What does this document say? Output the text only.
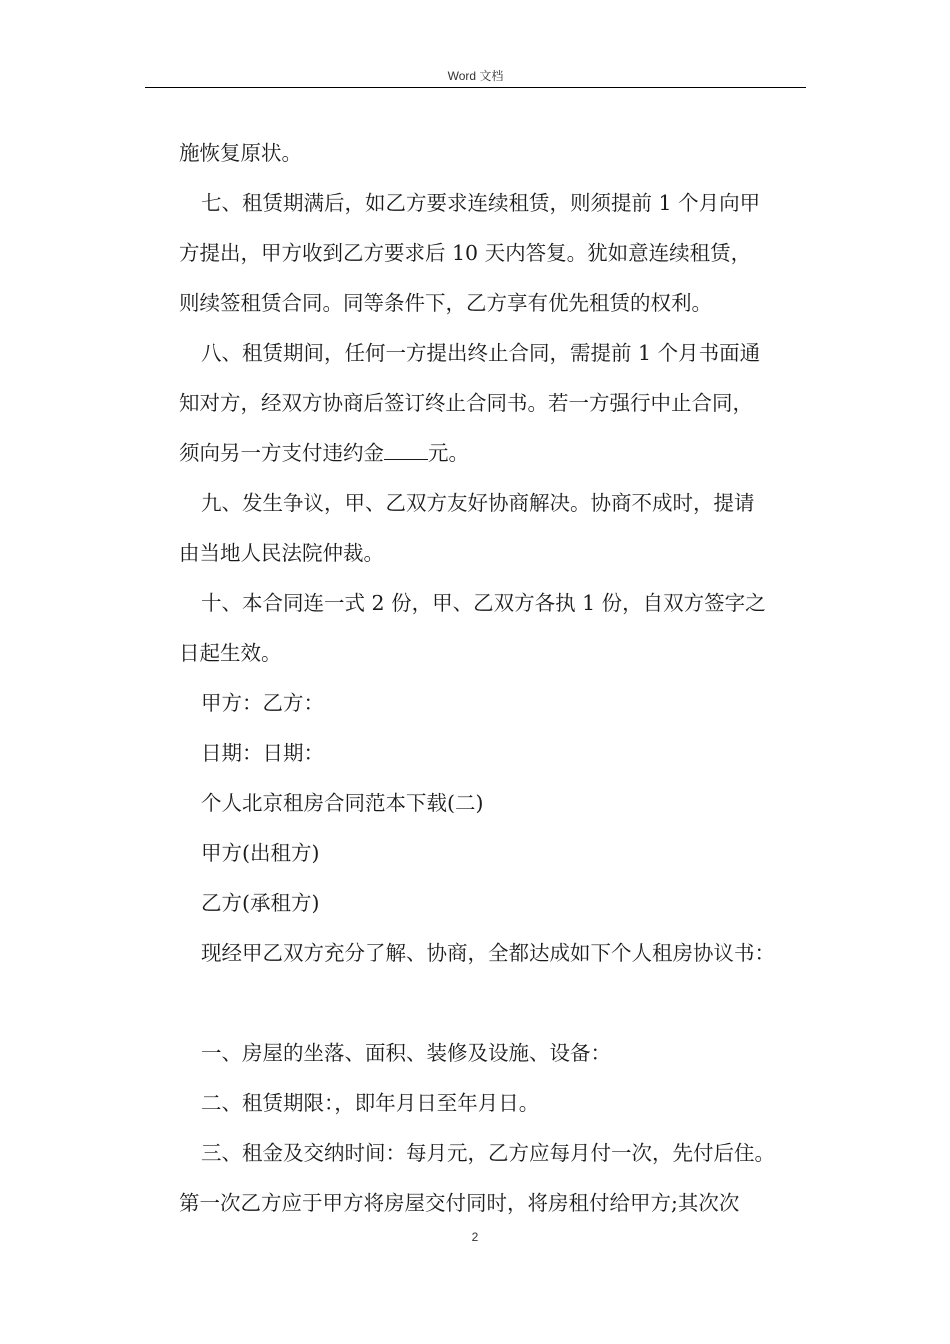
Word 文档
施恢复原状。
七、租赁期满后，如乙方要求连续租赁，则须提前 1 个月向甲
方提出，甲方收到乙方要求后 10 天内答复。犹如意连续租赁，
则续签租赁合同。同等条件下，乙方享有优先租赁的权利。
八、租赁期间，任何一方提出终止合同，需提前 1 个月书面通
知对方，经双方协商后签订终止合同书。若一方强行中止合同，
须向另一方支付违约金 元。
九、发生争议，甲、乙双方友好协商解决。协商不成时，提请
由当地人民法院仲裁。
十、本合同连一式 2 份，甲、乙双方各执 1 份，自双方签字之
日起生效。
甲方：乙方：
日期：日期：
个人北京租房合同范本下载(二)
甲方(出租方)
乙方(承租方)
现经甲乙双方充分了解、协商，全都达成如下个人租房协议书：
一、房屋的坐落、面积、装修及设施、设备：
二、租赁期限：，即年月日至年月日。
三、租金及交纳时间：每月元，乙方应每月付一次，先付后住。
第一次乙方应于甲方将房屋交付同时，将房租付给甲方;其次次
2
